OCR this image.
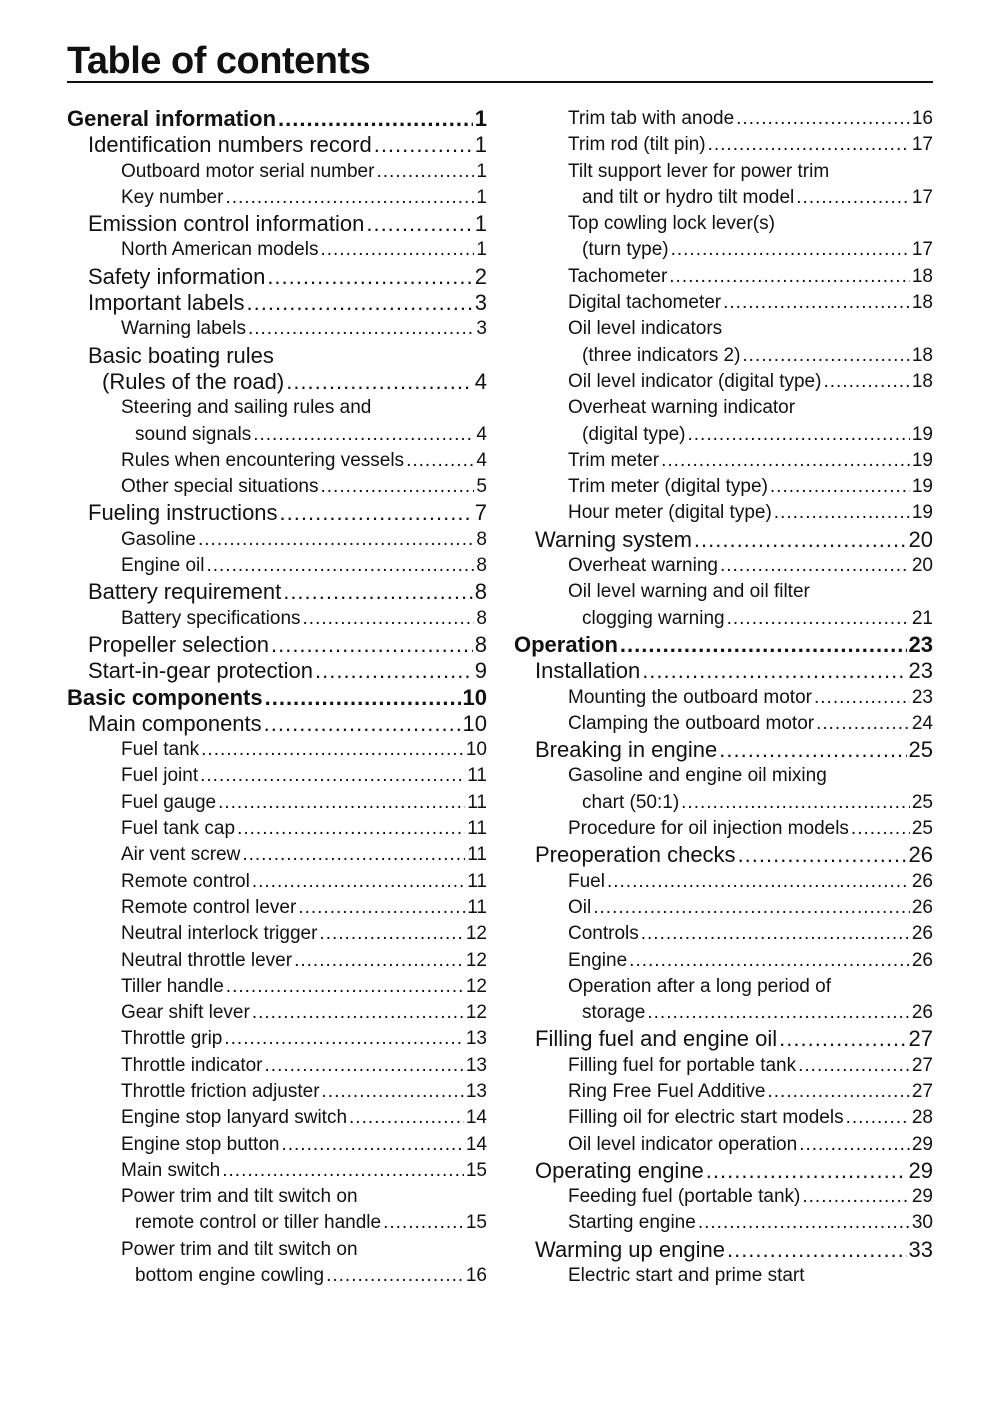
Table of contents
General information .....	1
Identification numbers record .....	1
Outboard motor serial number .....	1
Key number .....	1
Emission control information .....	1
North American models .....	1
Safety information .....	2
Important labels .....	3
Warning labels .....	3
Basic boating rules
(Rules of the road) .....	4
Steering and sailing rules and
sound signals .....	4
Rules when encountering vessels .....	4
Other special situations .....	5
Fueling instructions .....	7
Gasoline .....	8
Engine oil .....	8
Battery requirement .....	8
Battery specifications .....	8
Propeller selection .....	8
Start-in-gear protection .....	9
Basic components .....	10
Main components .....	10
Fuel tank .....	10
Fuel joint .....	11
Fuel gauge .....	11
Fuel tank cap .....	11
Air vent screw .....	11
Remote control .....	11
Remote control lever .....	11
Neutral interlock trigger .....	12
Neutral throttle lever .....	12
Tiller handle .....	12
Gear shift lever .....	12
Throttle grip .....	13
Throttle indicator .....	13
Throttle friction adjuster .....	13
Engine stop lanyard switch .....	14
Engine stop button .....	14
Main switch .....	15
Power trim and tilt switch on
remote control or tiller handle .....	15
Power trim and tilt switch on
bottom engine cowling .....	16
Trim tab with anode .....	16
Trim rod (tilt pin) .....	17
Tilt support lever for power trim
and tilt or hydro tilt model .....	17
Top cowling lock lever(s)
(turn type) .....	17
Tachometer .....	18
Digital tachometer .....	18
Oil level indicators
(three indicators 2) .....	18
Oil level indicator (digital type) .....	18
Overheat warning indicator
(digital type) .....	19
Trim meter .....	19
Trim meter (digital type) .....	19
Hour meter (digital type) .....	19
Warning system .....	20
Overheat warning .....	20
Oil level warning and oil filter
clogging warning .....	21
Operation .....	23
Installation .....	23
Mounting the outboard motor .....	23
Clamping the outboard motor .....	24
Breaking in engine .....	25
Gasoline and engine oil mixing
chart (50:1) .....	25
Procedure for oil injection models .....	25
Preoperation checks .....	26
Fuel .....	26
Oil .....	26
Controls .....	26
Engine .....	26
Operation after a long period of
storage .....	26
Filling fuel and engine oil .....	27
Filling fuel for portable tank .....	27
Ring Free Fuel Additive .....	27
Filling oil for electric start models .....	28
Oil level indicator operation .....	29
Operating engine .....	29
Feeding fuel (portable tank) .....	29
Starting engine .....	30
Warming up engine .....	33
Electric start and prime start
